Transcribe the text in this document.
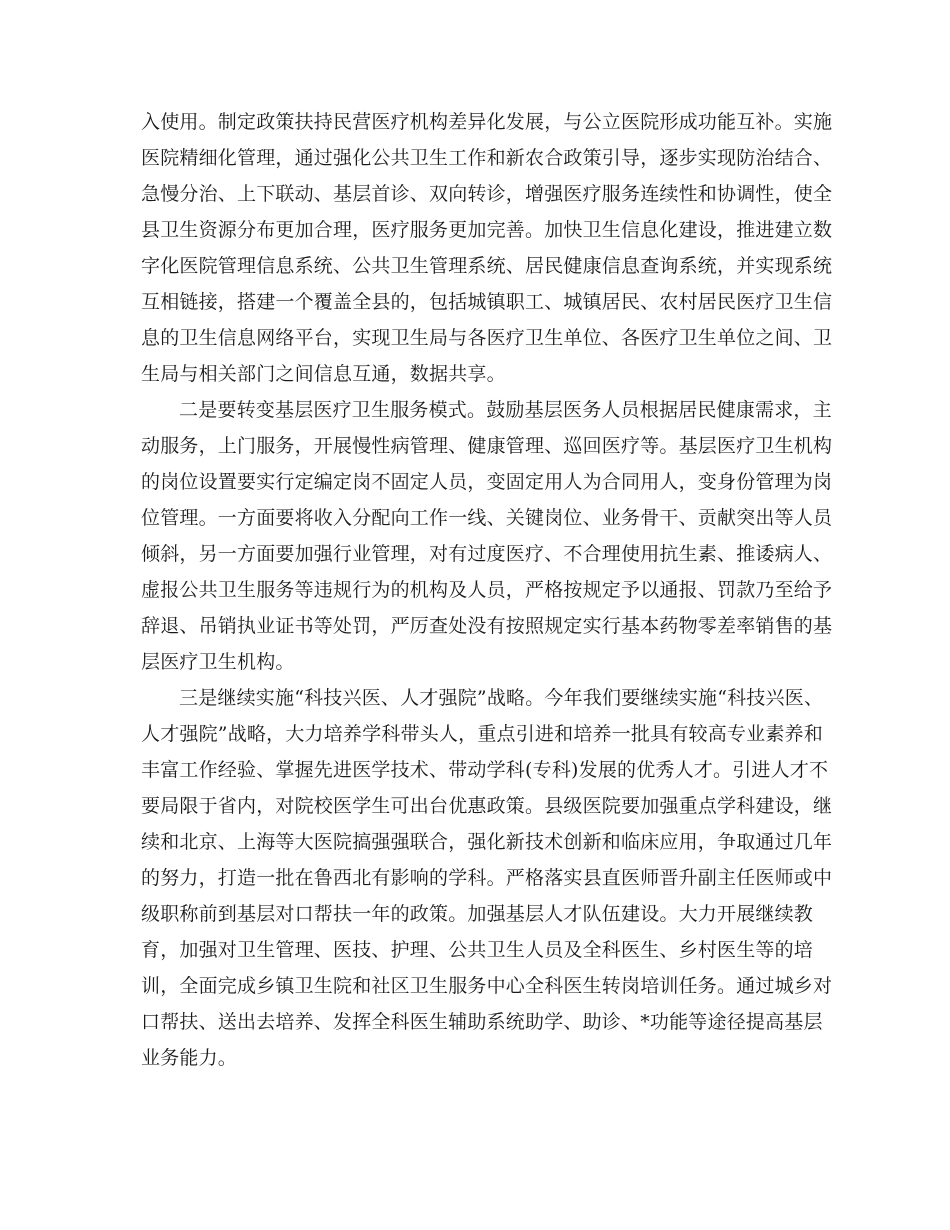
入使用。制定政策扶持民营医疗机构差异化发展，与公立医院形成功能互补。实施
医院精细化管理，通过强化公共卫生工作和新农合政策引导，逐步实现防治结合、
急慢分治、上下联动、基层首诊、双向转诊，增强医疗服务连续性和协调性，使全
县卫生资源分布更加合理，医疗服务更加完善。加快卫生信息化建设，推进建立数
字化医院管理信息系统、公共卫生管理系统、居民健康信息查询系统，并实现系统
互相链接，搭建一个覆盖全县的，包括城镇职工、城镇居民、农村居民医疗卫生信
息的卫生信息网络平台，实现卫生局与各医疗卫生单位、各医疗卫生单位之间、卫
生局与相关部门之间信息互通，数据共享。
二是要转变基层医疗卫生服务模式。鼓励基层医务人员根据居民健康需求，主
动服务，上门服务，开展慢性病管理、健康管理、巡回医疗等。基层医疗卫生机构
的岗位设置要实行定编定岗不固定人员，变固定用人为合同用人，变身份管理为岗
位管理。一方面要将收入分配向工作一线、关键岗位、业务骨干、贡献突出等人员
倾斜，另一方面要加强行业管理，对有过度医疗、不合理使用抗生素、推诿病人、
虚报公共卫生服务等违规行为的机构及人员，严格按规定予以通报、罚款乃至给予
辞退、吊销执业证书等处罚，严厉查处没有按照规定实行基本药物零差率销售的基
层医疗卫生机构。
三是继续实施“科技兴医、人才强院”战略。今年我们要继续实施“科技兴医、
人才强院”战略，大力培养学科带头人，重点引进和培养一批具有较高专业素养和
丰富工作经验、掌握先进医学技术、带动学科(专科)发展的优秀人才。引进人才不
要局限于省内，对院校医学生可出台优惠政策。县级医院要加强重点学科建设，继
续和北京、上海等大医院搞强强联合，强化新技术创新和临床应用，争取通过几年
的努力，打造一批在鲁西北有影响的学科。严格落实县直医师晋升副主任医师或中
级职称前到基层对口帮扶一年的政策。加强基层人才队伍建设。大力开展继续教
育，加强对卫生管理、医技、护理、公共卫生人员及全科医生、乡村医生等的培
训，全面完成乡镇卫生院和社区卫生服务中心全科医生转岗培训任务。通过城乡对
口帮扶、送出去培养、发挥全科医生辅助系统助学、助诊、*功能等途径提高基层
业务能力。
